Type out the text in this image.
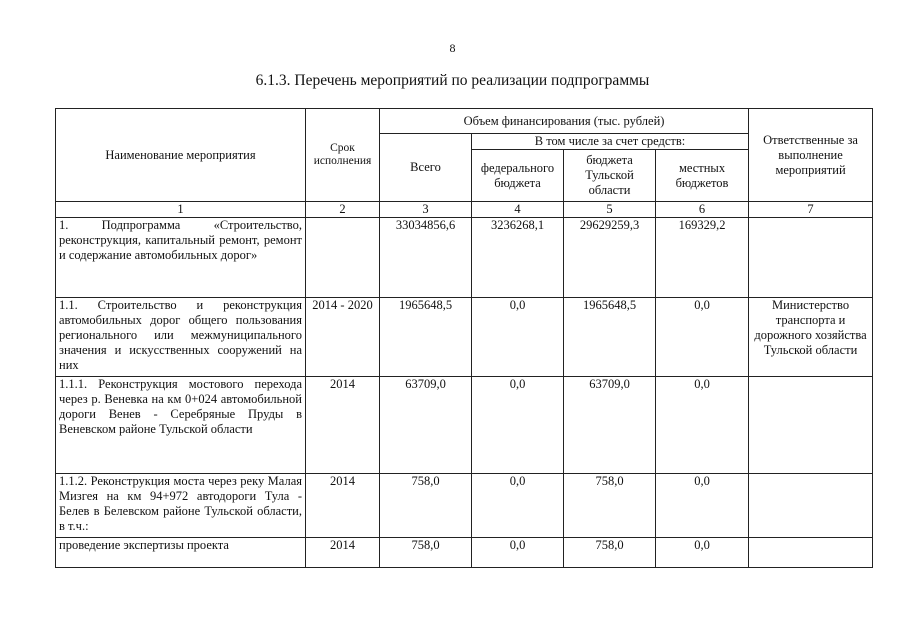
8
6.1.3. Перечень мероприятий по реализации подпрограммы
Наименование мероприятия	Срок исполнения	Объем финансирования (тыс. рублей)				Ответственные за выполнение мероприятий
		Всего	В том числе за счет средств:			
			федерального бюджета	бюджета Тульской области	местных бюджетов	
1	2	3	4	5	6	7
1. Подпрограмма «Строительство, реконструкция, капитальный ремонт, ремонт и содержание автомобильных дорог»		33034856,6	3236268,1	29629259,3	169329,2	
1.1. Строительство и реконструкция автомобильных дорог общего пользования регионального или межмуниципального значения и искусственных сооружений на них	2014 - 2020	1965648,5	0,0	1965648,5	0,0	Министерство транспорта и дорожного хозяйства Тульской области
1.1.1. Реконструкция мостового перехода через р. Веневка на км 0+024 автомобильной дороги Венев - Серебряные Пруды в Веневском районе Тульской области	2014	63709,0	0,0	63709,0	0,0	
1.1.2. Реконструкция моста через реку Малая Мизгея на км 94+972 автодороги Тула - Белев в Белевском районе Тульской области, в т.ч.:	2014	758,0	0,0	758,0	0,0	
проведение экспертизы проекта	2014	758,0	0,0	758,0	0,0	
